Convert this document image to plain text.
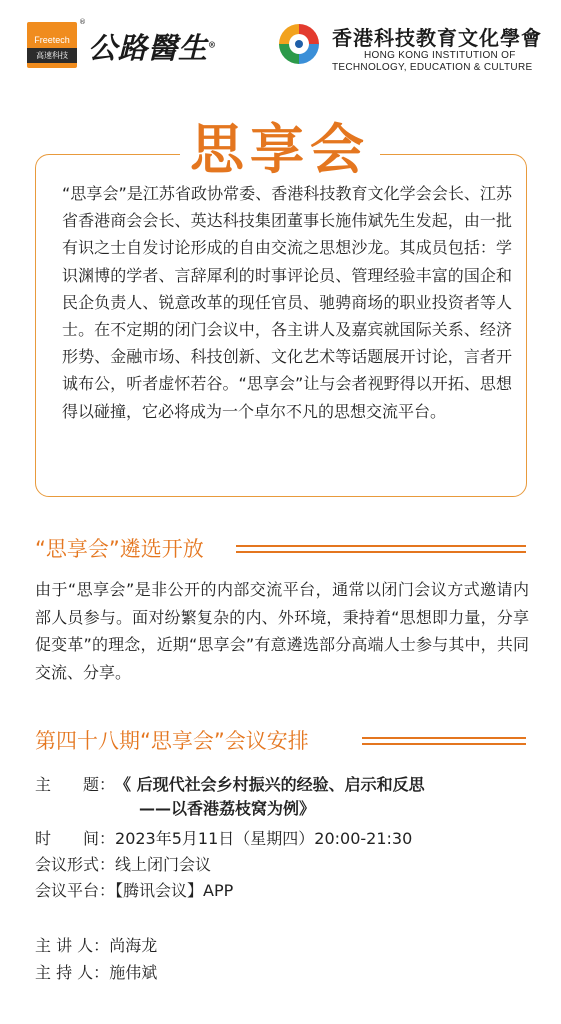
Freetech
高速科技
®
公路醫生®	香港科技教育文化學會
HONG KONG INSTITUTION OF
TECHNOLOGY, EDUCATION & CULTURE
思享会

“思享会”是江苏省政协常委、香港科技教育文化学会会长、江苏省香港商会会长、英达科技集团董事长施伟斌先生发起，由一批有识之士自发讨论形成的自由交流之思想沙龙。其成员包括：学识渊博的学者、言辞犀利的时事评论员、管理经验丰富的国企和民企负责人、锐意改革的现任官员、驰骋商场的职业投资者等人士。在不定期的闭门会议中，各主讲人及嘉宾就国际关系、经济形势、金融市场、科技创新、文化艺术等话题展开讨论，言者开诚布公，听者虚怀若谷。“思享会”让与会者视野得以开拓、思想得以碰撞，它必将成为一个卓尔不凡的思想交流平台。

“思享会”遴选开放

由于“思享会”是非公开的内部交流平台，通常以闭门会议方式邀请内部人员参与。面对纷繁复杂的内、外环境，秉持着“思想即力量，分享促变革”的理念，近期“思享会”有意遴选部分高端人士参与其中，共同交流、分享。

第四十八期“思享会”会议安排
主　　题：《 后现代社会乡村振兴的经验、启示和反思
——以香港荔枝窝为例》
时　　间：2023年5月11日（星期四）20:00-21:30
会议形式：线上闭门会议
会议平台：【腾讯会议】APP
主 讲 人：尚海龙
主 持 人：施伟斌
